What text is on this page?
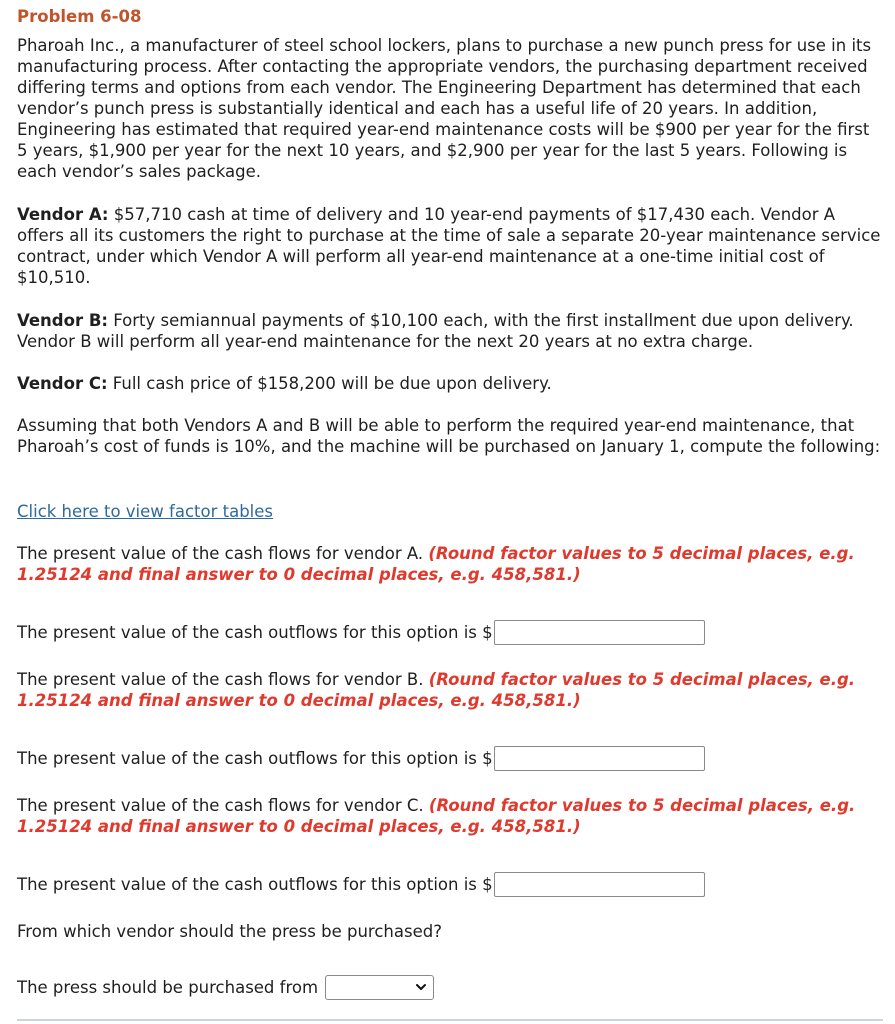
Problem 6-08

Pharoah Inc., a manufacturer of steel school lockers, plans to purchase a new punch press for use in its manufacturing process. After contacting the appropriate vendors, the purchasing department received differing terms and options from each vendor. The Engineering Department has determined that each vendor’s punch press is substantially identical and each has a useful life of 20 years. In addition, Engineering has estimated that required year-end maintenance costs will be $900 per year for the first 5 years, $1,900 per year for the next 10 years, and $2,900 per year for the last 5 years. Following is each vendor’s sales package.

Vendor A: $57,710 cash at time of delivery and 10 year-end payments of $17,430 each. Vendor A offers all its customers the right to purchase at the time of sale a separate 20-year maintenance service contract, under which Vendor A will perform all year-end maintenance at a one-time initial cost of $10,510.

Vendor B: Forty semiannual payments of $10,100 each, with the first installment due upon delivery. Vendor B will perform all year-end maintenance for the next 20 years at no extra charge.

Vendor C: Full cash price of $158,200 will be due upon delivery.

Assuming that both Vendors A and B will be able to perform the required year-end maintenance, that Pharoah’s cost of funds is 10%, and the machine will be purchased on January 1, compute the following:

Click here to view factor tables

The present value of the cash flows for vendor A. (Round factor values to 5 decimal places, e.g. 1.25124 and final answer to 0 decimal places, e.g. 458,581.)

The present value of the cash outflows for this option is $

The present value of the cash flows for vendor B. (Round factor values to 5 decimal places, e.g. 1.25124 and final answer to 0 decimal places, e.g. 458,581.)

The present value of the cash outflows for this option is $

The present value of the cash flows for vendor C. (Round factor values to 5 decimal places, e.g. 1.25124 and final answer to 0 decimal places, e.g. 458,581.)

The present value of the cash outflows for this option is $

From which vendor should the press be purchased?

The press should be purchased from
